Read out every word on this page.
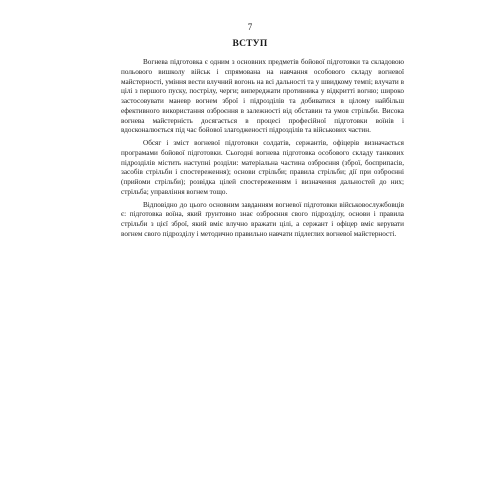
7
ВСТУП

Вогнева підготовка є одним з основних предметів бойової підготовки та складовою польового вишколу військ і спрямована на навчання особового складу вогневої майстерності, уміння вести влучний вогонь на всі дальності та у швидкому темпі; влучати в цілі з першого пуску, пострілу, черги; випереджати противника у відкритті вогню; широко застосовувати маневр вогнем зброї і підрозділів та добиватися в цілому найбільш ефективного використання озброєння в залежності від обставин та умов стрільби. Висока вогнева майстерність досягається в процесі професійної підготовки воїнів і вдосконалюється під час бойової злагодженості підрозділів та військових частин.

Обсяг і зміст вогневої підготовки солдатів, сержантів, офіцерів визначається програмами бойової підготовки. Сьогодні вогнева підготовка особового складу танкових підрозділів містить наступні розділи: матеріальна частина озброєння (зброї, боєприпасів, засобів стрільби і спостереження); основи стрільби; правила стрільби; дії при озброєнні (прийоми стрільби); розвідка цілей спостереженням і визначення дальностей до них; стрільба; управління вогнем тощо.

Відповідно до цього основним завданням вогневої підготовки військовослужбовців є: підготовка воїна, який ґрунтовно знає озброєння свого підрозділу, основи і правила стрільби з цієї зброї, який вміє влучно вражати цілі, а сержант і офіцер вміє керувати вогнем свого підрозділу і методично правильно навчати підлеглих вогневої майстерності.
